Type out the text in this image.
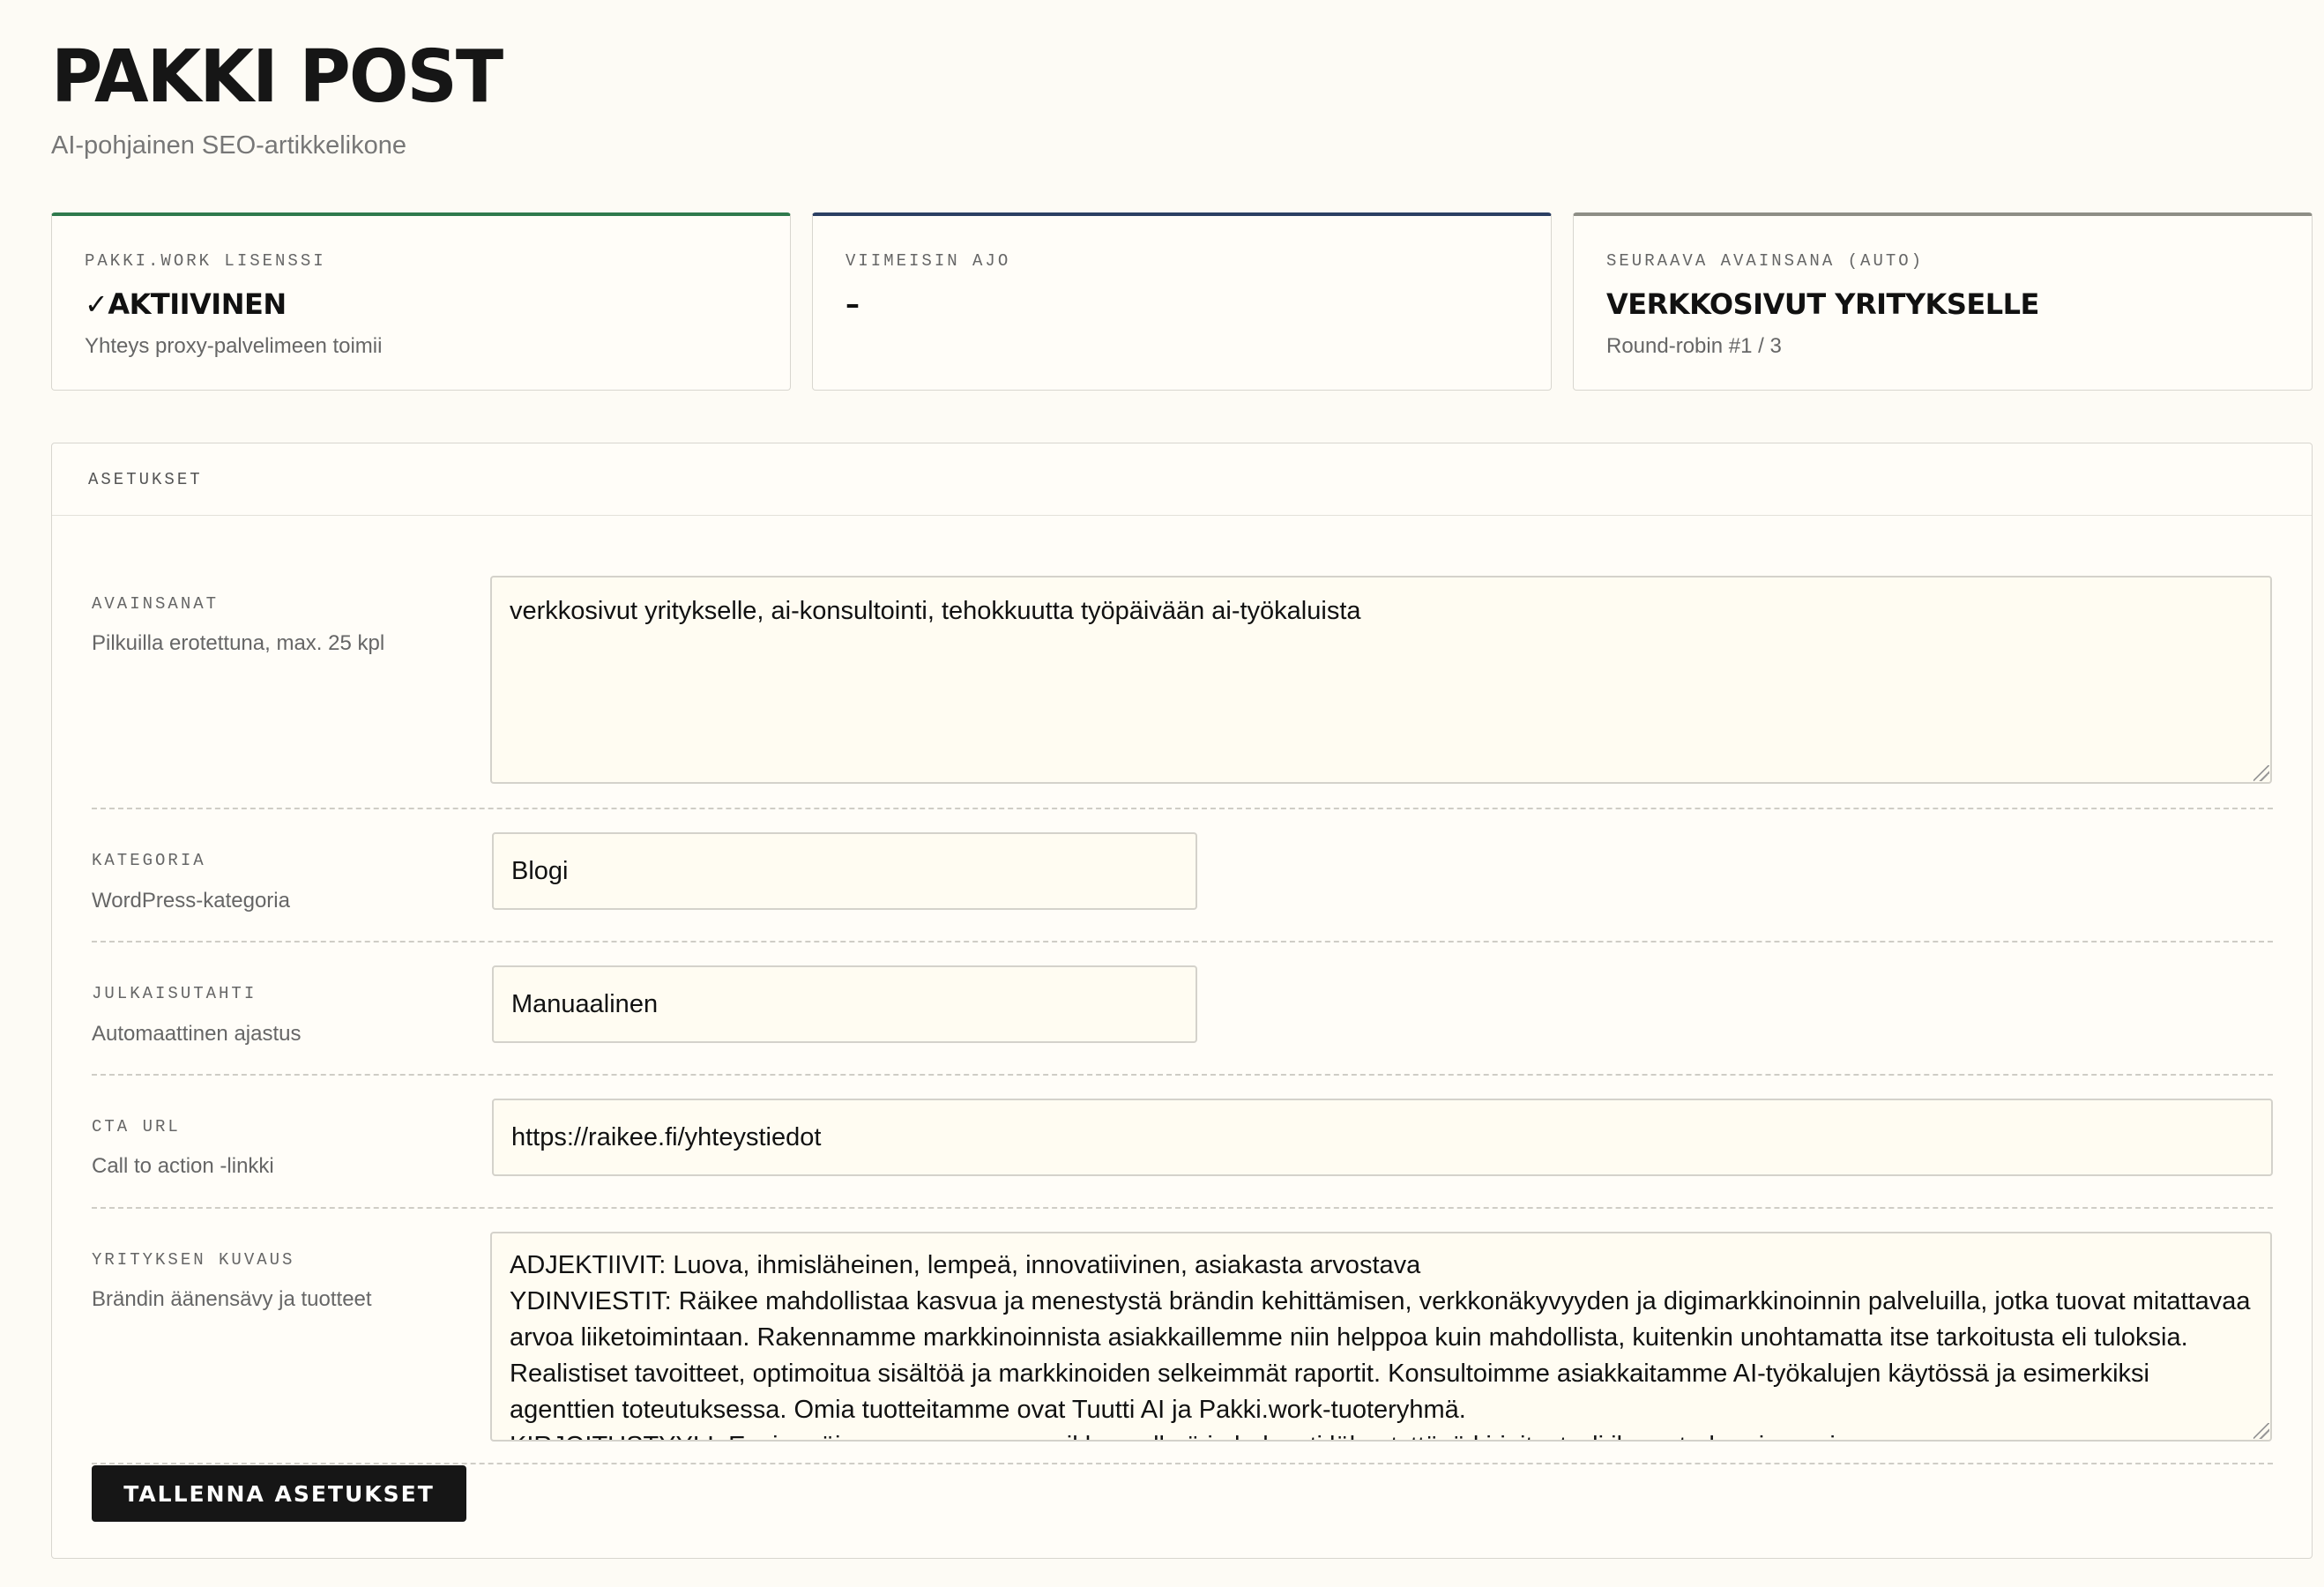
PAKKI POST
AI-pohjainen SEO-artikkelikone
PAKKI.WORK LISENSSI
✓AKTIIVINEN
Yhteys proxy-palvelimeen toimii
VIIMEISIN AJO
–
SEURAAVA AVAINSANA (AUTO)
VERKKOSIVUT YRITYKSELLE
Round-robin #1 / 3
ASETUKSET
AVAINSANAT
Pilkuilla erotettuna, max. 25 kpl
verkkosivut yritykselle, ai-konsultointi, tehokkuutta työpäivään ai-työkaluista
KATEGORIA
WordPress-kategoria
Blogi
JULKAISUTAHTI
Automaattinen ajastus
Manuaalinen
CTA URL
Call to action -linkki
https://raikee.fi/yhteystiedot
YRITYKSEN KUVAUS
Brändin äänensävy ja tuotteet
ADJEKTIIVIT: Luova, ihmisläheinen, lempeä, innovatiivinen, asiakasta arvostava YDINVIESTIT: Räikee mahdollistaa kasvua ja menestystä brändin kehittämisen, verkkonäkyvyyden ja digimarkkinoinnin palveluilla, jotka tuovat mitattavaa arvoa liiketoimintaan. Rakennamme markkinoinnista asiakkaillemme niin helppoa kuin mahdollista, kuitenkin unohtamatta itse tarkoitusta eli tuloksia. Realistiset tavoitteet, optimoitua sisältöä ja markkinoiden selkeimmät raportit. Konsultoimme asiakkaitamme AI-työkalujen käytössä ja esimerkiksi agenttien toteutuksessa. Omia tuotteitamme ovat Tuutti AI ja Pakki.work-tuoteryhmä. KIRJOITUSTYYLI: Ensimmäisen persoonan monikko, selkeä ja helposti lähestyttävä kirjoitustyyli ilman turhaa jargonia.
TALLENNA ASETUKSET
